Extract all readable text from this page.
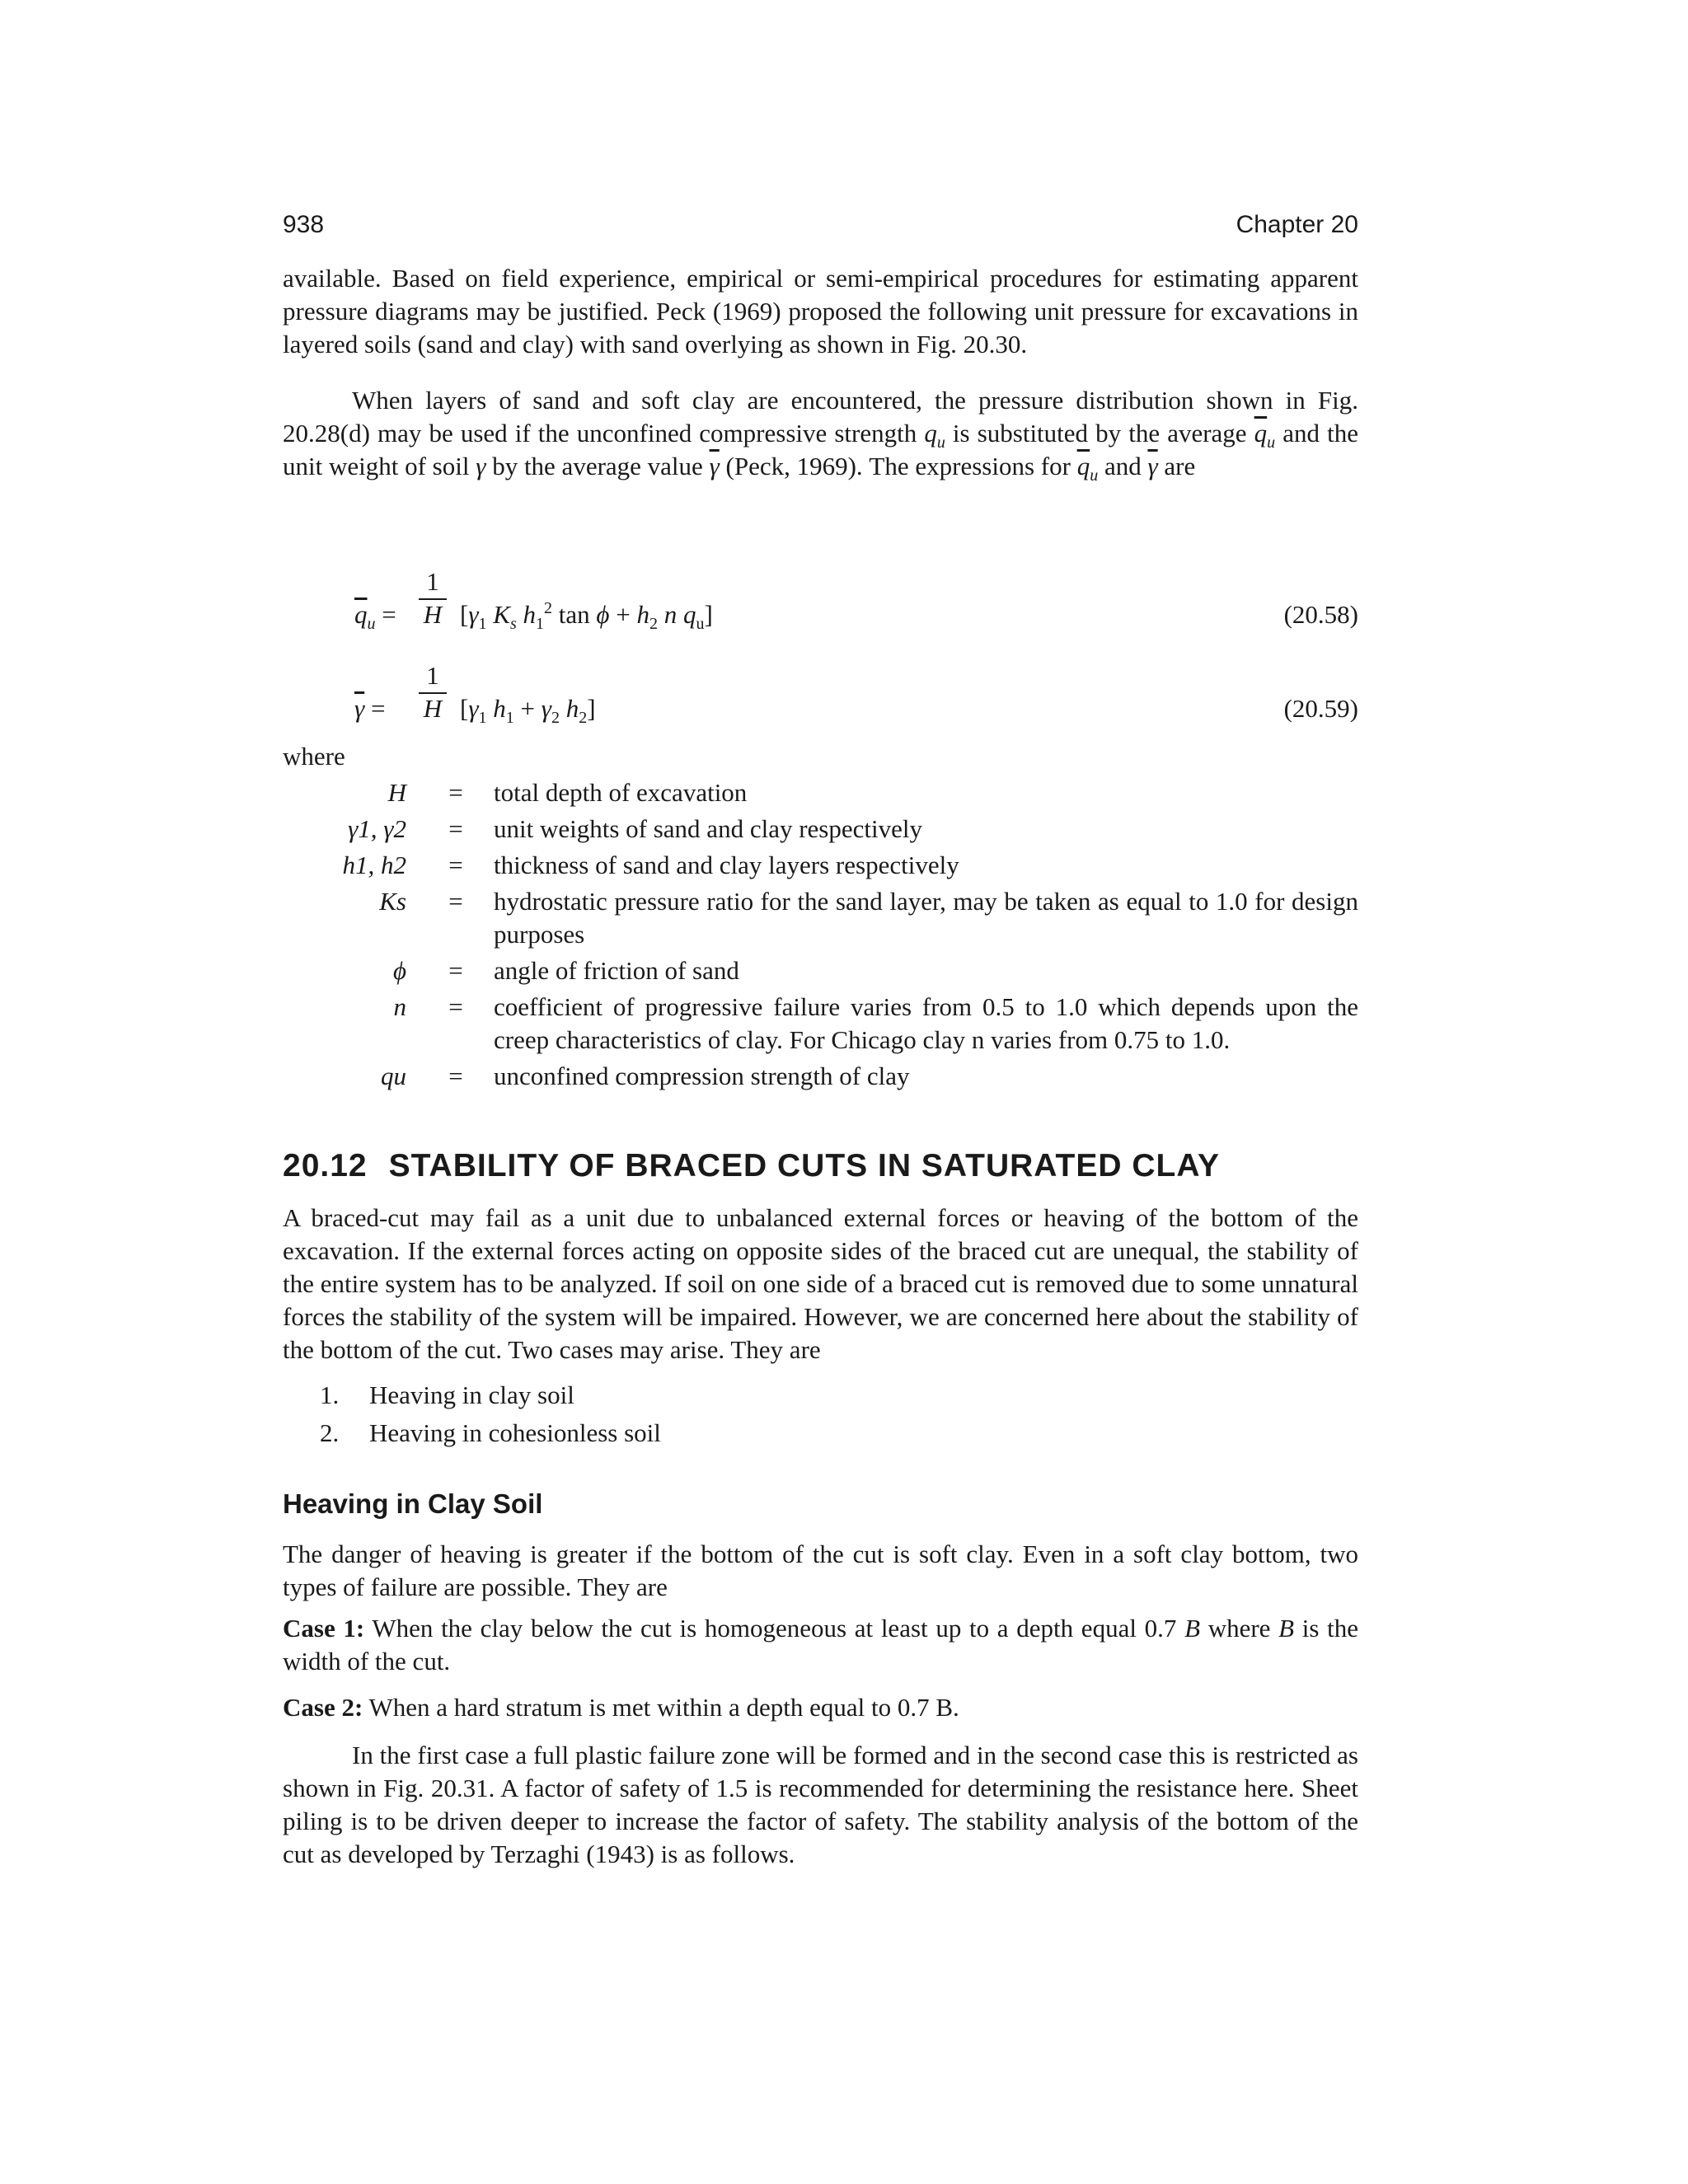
938	Chapter 20

available. Based on field experience, empirical or semi-empirical procedures for estimating apparent pressure diagrams may be justified. Peck (1969) proposed the following unit pressure for excavations in layered soils (sand and clay) with sand overlying as shown in Fig. 20.30.

When layers of sand and soft clay are encountered, the pressure distribution shown in Fig. 20.28(d) may be used if the unconfined compressive strength $q_u$ is substituted by the average $\overline{q}_u$ and the unit weight of soil γ by the average value $\overline{\gamma}$ (Peck, 1969). The expressions for $\overline{q}_u$ and $\overline{\gamma}$ are

$\overline{q}_u = \frac{1}{H} [\gamma_1$ $K_s$ $h_1^2$ $\tan \phi + h_2$ n $q_u$]	(20.58)
$\overline{\gamma} = \frac{1}{H} [\gamma_1$ $h_1 + \gamma_2$ $h_2$]	(20.59)
where
H	=	total depth of excavation
γ1, γ2	=	unit weights of sand and clay respectively
h1, h2	=	thickness of sand and clay layers respectively
Ks	=	hydrostatic pressure ratio for the sand layer, may be taken as equal to 1.0 for design purposes
ϕ	=	angle of friction of sand
n	=	coefficient of progressive failure varies from 0.5 to 1.0 which depends upon the creep characteristics of clay. For Chicago clay n varies from 0.75 to 1.0.
qu	=	unconfined compression strength of clay
20.12 STABILITY OF BRACED CUTS IN SATURATED CLAY

A braced-cut may fail as a unit due to unbalanced external forces or heaving of the bottom of the excavation. If the external forces acting on opposite sides of the braced cut are unequal, the stability of the entire system has to be analyzed. If soil on one side of a braced cut is removed due to some unnatural forces the stability of the system will be impaired. However, we are concerned here about the stability of the bottom of the cut. Two cases may arise. They are

1.	Heaving in clay soil
2.	Heaving in cohesionless soil
Heaving in Clay Soil

The danger of heaving is greater if the bottom of the cut is soft clay. Even in a soft clay bottom, two types of failure are possible. They are

Case 1: When the clay below the cut is homogeneous at least up to a depth equal 0.7 B where B is the width of the cut.

Case 2: When a hard stratum is met within a depth equal to 0.7 B.

In the first case a full plastic failure zone will be formed and in the second case this is restricted as shown in Fig. 20.31. A factor of safety of 1.5 is recommended for determining the resistance here. Sheet piling is to be driven deeper to increase the factor of safety. The stability analysis of the bottom of the cut as developed by Terzaghi (1943) is as follows.
